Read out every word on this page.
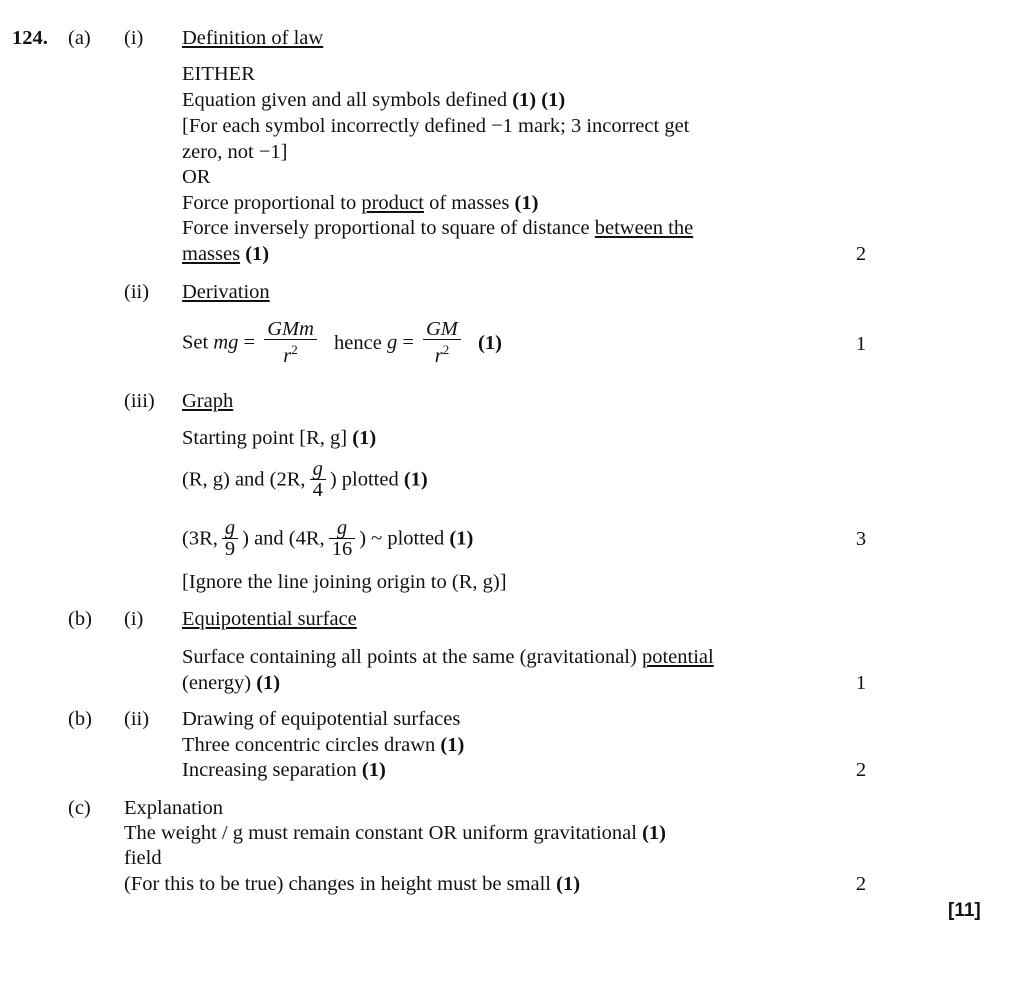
124. (a) (i) Definition of law
EITHER
Equation given and all symbols defined (1) (1)
[For each symbol incorrectly defined −1 mark; 3 incorrect get
zero, not −1]
OR
Force proportional to product of masses (1)
Force inversely proportional to square of distance between the
masses (1)	2
(ii) Derivation
Set mg = $\frac{\text{GMm}}{r^2}$ hence $g = \frac{GM}{r^2} (1)$	1
(iii) Graph
Starting point [R, g] (1)
(R, g) and (2R, $\frac{g}{4}$ ) plotted (1)
(3R, $\frac{g}{9}$ ) and (4R, $\frac{g}{16}$ ) ~ plotted (1)	3
[Ignore the line joining origin to (R, g)]
(b) (i) Equipotential surface
Surface containing all points at the same (gravitational) potential
(energy) (1)	1
(b) (ii) Drawing of equipotential surfaces
Three concentric circles drawn (1)
Increasing separation (1)	2
(c) Explanation
The weight / g must remain constant OR uniform gravitational (1)
field
(For this to be true) changes in height must be small (1)	2
[11]
